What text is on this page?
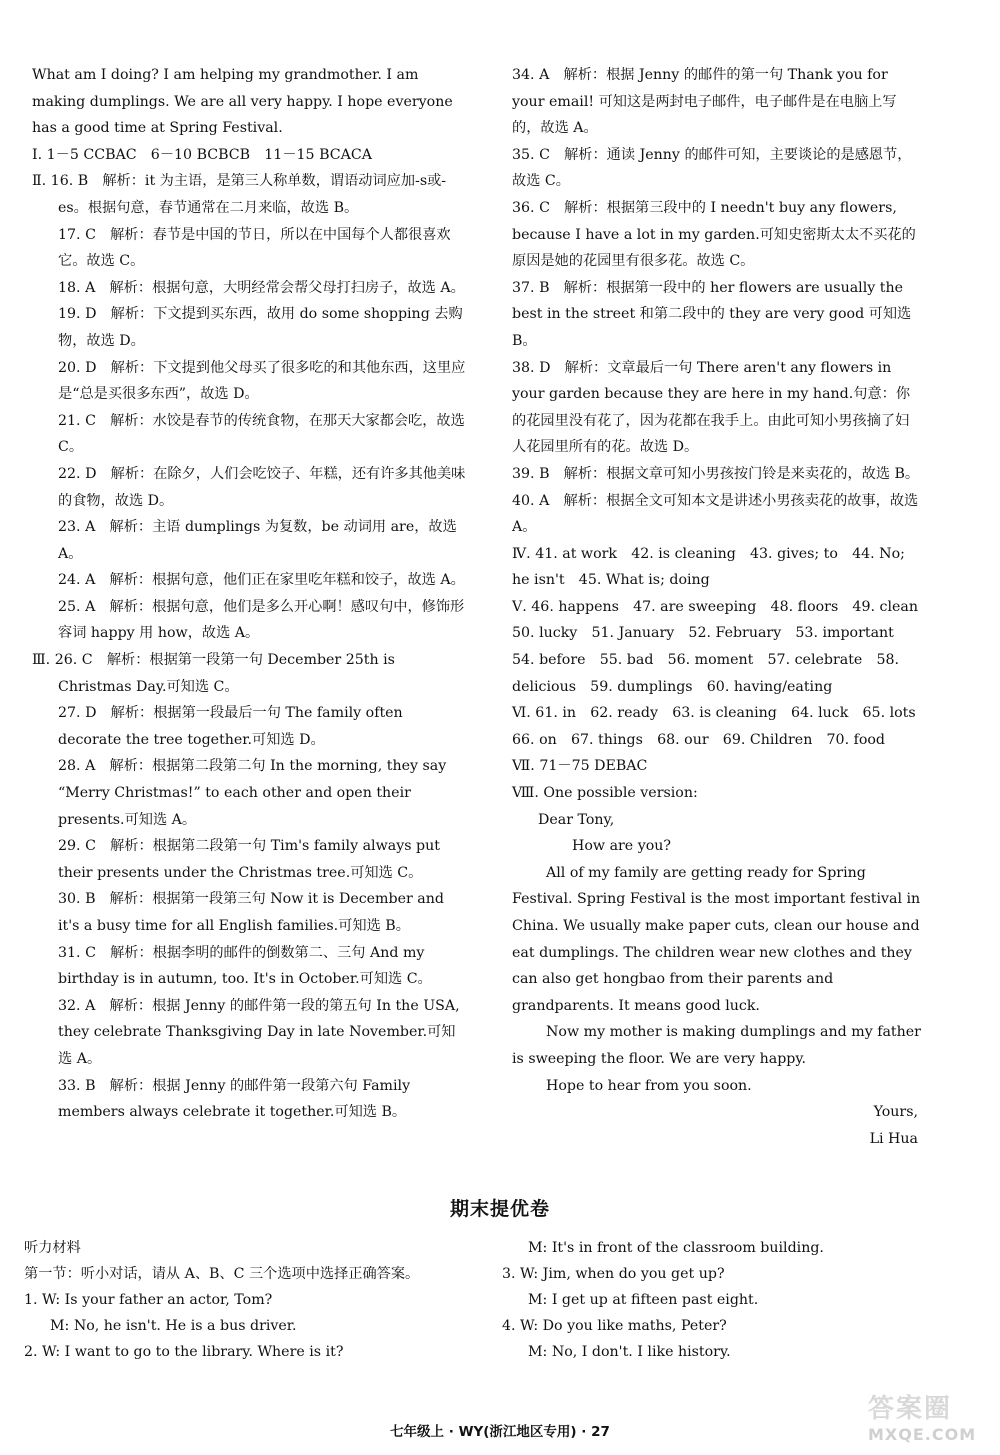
What am I doing? I am helping my grandmother. I am making dumplings. We are all very happy. I hope everyone has a good time at Spring Festival.

Ⅰ. 1－5 CCBAC　6－10 BCBCB　11－15 BCACA

Ⅱ. 16. B　解析：it 为主语，是第三人称单数，谓语动词应加-s或-es。根据句意，春节通常在二月来临，故选 B。

17. C　解析：春节是中国的节日，所以在中国每个人都很喜欢它。故选 C。

18. A　解析：根据句意，大明经常会帮父母打扫房子，故选 A。

19. D　解析：下文提到买东西，故用 do some shopping 去购物，故选 D。

20. D　解析：下文提到他父母买了很多吃的和其他东西，这里应是“总是买很多东西”，故选 D。

21. C　解析：水饺是春节的传统食物，在那天大家都会吃，故选 C。

22. D　解析：在除夕，人们会吃饺子、年糕，还有许多其他美味的食物，故选 D。

23. A　解析：主语 dumplings 为复数，be 动词用 are，故选 A。

24. A　解析：根据句意，他们正在家里吃年糕和饺子，故选 A。

25. A　解析：根据句意，他们是多么开心啊！感叹句中，修饰形容词 happy 用 how，故选 A。

Ⅲ. 26. C　解析：根据第一段第一句 December 25th is Christmas Day.可知选 C。

27. D　解析：根据第一段最后一句 The family often decorate the tree together.可知选 D。

28. A　解析：根据第二段第二句 In the morning, they say “Merry Christmas!” to each other and open their presents.可知选 A。

29. C　解析：根据第二段第一句 Tim's family always put their presents under the Christmas tree.可知选 C。

30. B　解析：根据第一段第三句 Now it is December and it's a busy time for all English families.可知选 B。

31. C　解析：根据李明的邮件的倒数第二、三句 And my birthday is in autumn, too. It's in October.可知选 C。

32. A　解析：根据 Jenny 的邮件第一段的第五句 In the USA, they celebrate Thanksgiving Day in late November.可知选 A。

33. B　解析：根据 Jenny 的邮件第一段第六句 Family members always celebrate it together.可知选 B。

34. A　解析：根据 Jenny 的邮件的第一句 Thank you for your email! 可知这是两封电子邮件，电子邮件是在电脑上写的，故选 A。

35. C　解析：通读 Jenny 的邮件可知，主要谈论的是感恩节，故选 C。

36. C　解析：根据第三段中的 I needn't buy any flowers, because I have a lot in my garden.可知史密斯太太不买花的原因是她的花园里有很多花。故选 C。

37. B　解析：根据第一段中的 her flowers are usually the best in the street 和第二段中的 they are very good 可知选 B。

38. D　解析：文章最后一句 There aren't any flowers in your garden because they are here in my hand.句意：你的花园里没有花了，因为花都在我手上。由此可知小男孩摘了妇人花园里所有的花。故选 D。

39. B　解析：根据文章可知小男孩按门铃是来卖花的，故选 B。

40. A　解析：根据全文可知本文是讲述小男孩卖花的故事，故选 A。

Ⅳ. 41. at work　42. is cleaning　43. gives; to　44. No; he isn't　45. What is; doing

Ⅴ. 46. happens　47. are sweeping　48. floors　49. clean　50. lucky　51. January　52. February　53. important　54. before　55. bad　56. moment　57. celebrate　58. delicious　59. dumplings　60. having/eating

Ⅵ. 61. in　62. ready　63. is cleaning　64. luck　65. lots　66. on　67. things　68. our　69. Children　70. food

Ⅶ. 71－75 DEBAC

Ⅷ. One possible version:

Dear Tony,

How are you?

All of my family are getting ready for Spring Festival. Spring Festival is the most important festival in China. We usually make paper cuts, clean our house and eat dumplings. The children wear new clothes and they can also get hongbao from their parents and grandparents. It means good luck.

Now my mother is making dumplings and my father is sweeping the floor. We are very happy.

Hope to hear from you soon.

Yours,

Li Hua

期末提优卷

听力材料

第一节：听小对话，请从 A、B、C 三个选项中选择正确答案。

1. W: Is your father an actor, Tom?

M: No, he isn't. He is a bus driver.

2. W: I want to go to the library. Where is it?

M: It's in front of the classroom building.

3. W: Jim, when do you get up?

M: I get up at fifteen past eight.

4. W: Do you like maths, Peter?

M: No, I don't. I like history.

七年级上 · WY(浙江地区专用) · 27
答案圈
MXQE.COM
